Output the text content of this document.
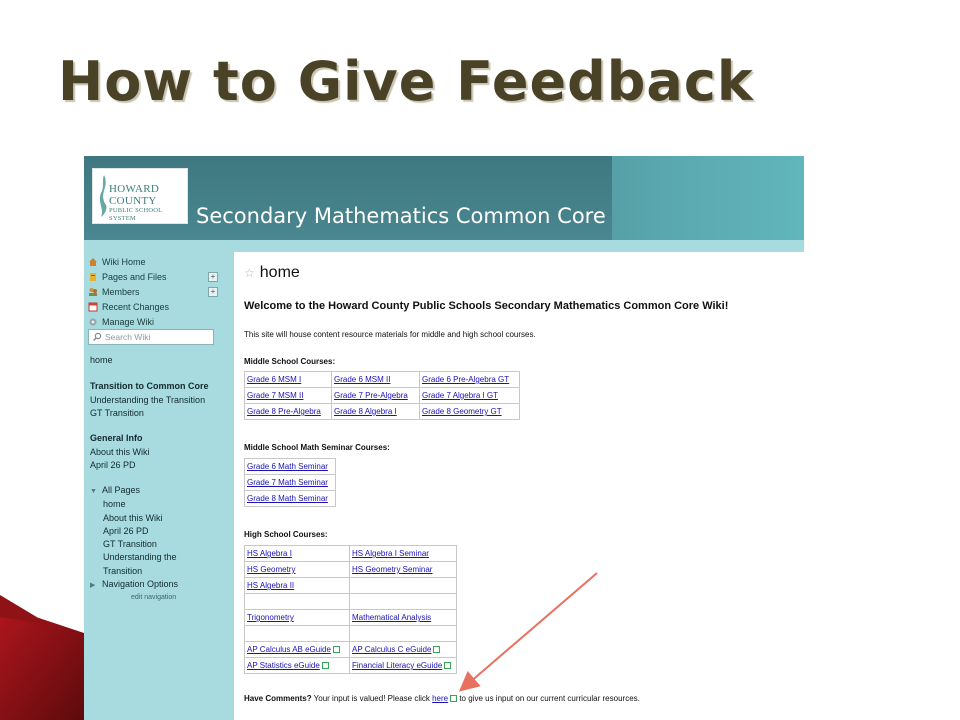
How to Give Feedback
HOWARD COUNTY
PUBLIC SCHOOL SYSTEM	Secondary Mathematics Common Core
Wiki Home
Pages and Files	+
Members	+
Recent Changes
Manage Wiki
Search Wiki
home
Transition to Common Core
Understanding the Transition
GT Transition
General Info
About this Wiki
April 26 PD
▼ All Pages
home
About this Wiki
April 26 PD
GT Transition
Understanding the
Transition
▶ Navigation Options
edit navigation
☆ home
Welcome to the Howard County Public Schools Secondary Mathematics Common Core Wiki!
This site will house content resource materials for middle and high school courses.
Middle School Courses:
Grade 6 MSM I	Grade 6 MSM II	Grade 6 Pre-Algebra GT
Grade 7 MSM II	Grade 7 Pre-Algebra	Grade 7 Algebra I GT
Grade 8 Pre-Algebra	Grade 8 Algebra I	Grade 8 Geometry GT
Middle School Math Seminar Courses:
Grade 6 Math Seminar
Grade 7 Math Seminar
Grade 8 Math Seminar
High School Courses:
HS Algebra I	HS Algebra I Seminar
HS Geometry	HS Geometry Seminar
HS Algebra II	

Trigonometry	Mathematical Analysis

AP Calculus AB eGuide	AP Calculus C eGuide
AP Statistics eGuide	Financial Literacy eGuide
Have Comments? Your input is valued! Please click here to give us input on our current curricular resources.
